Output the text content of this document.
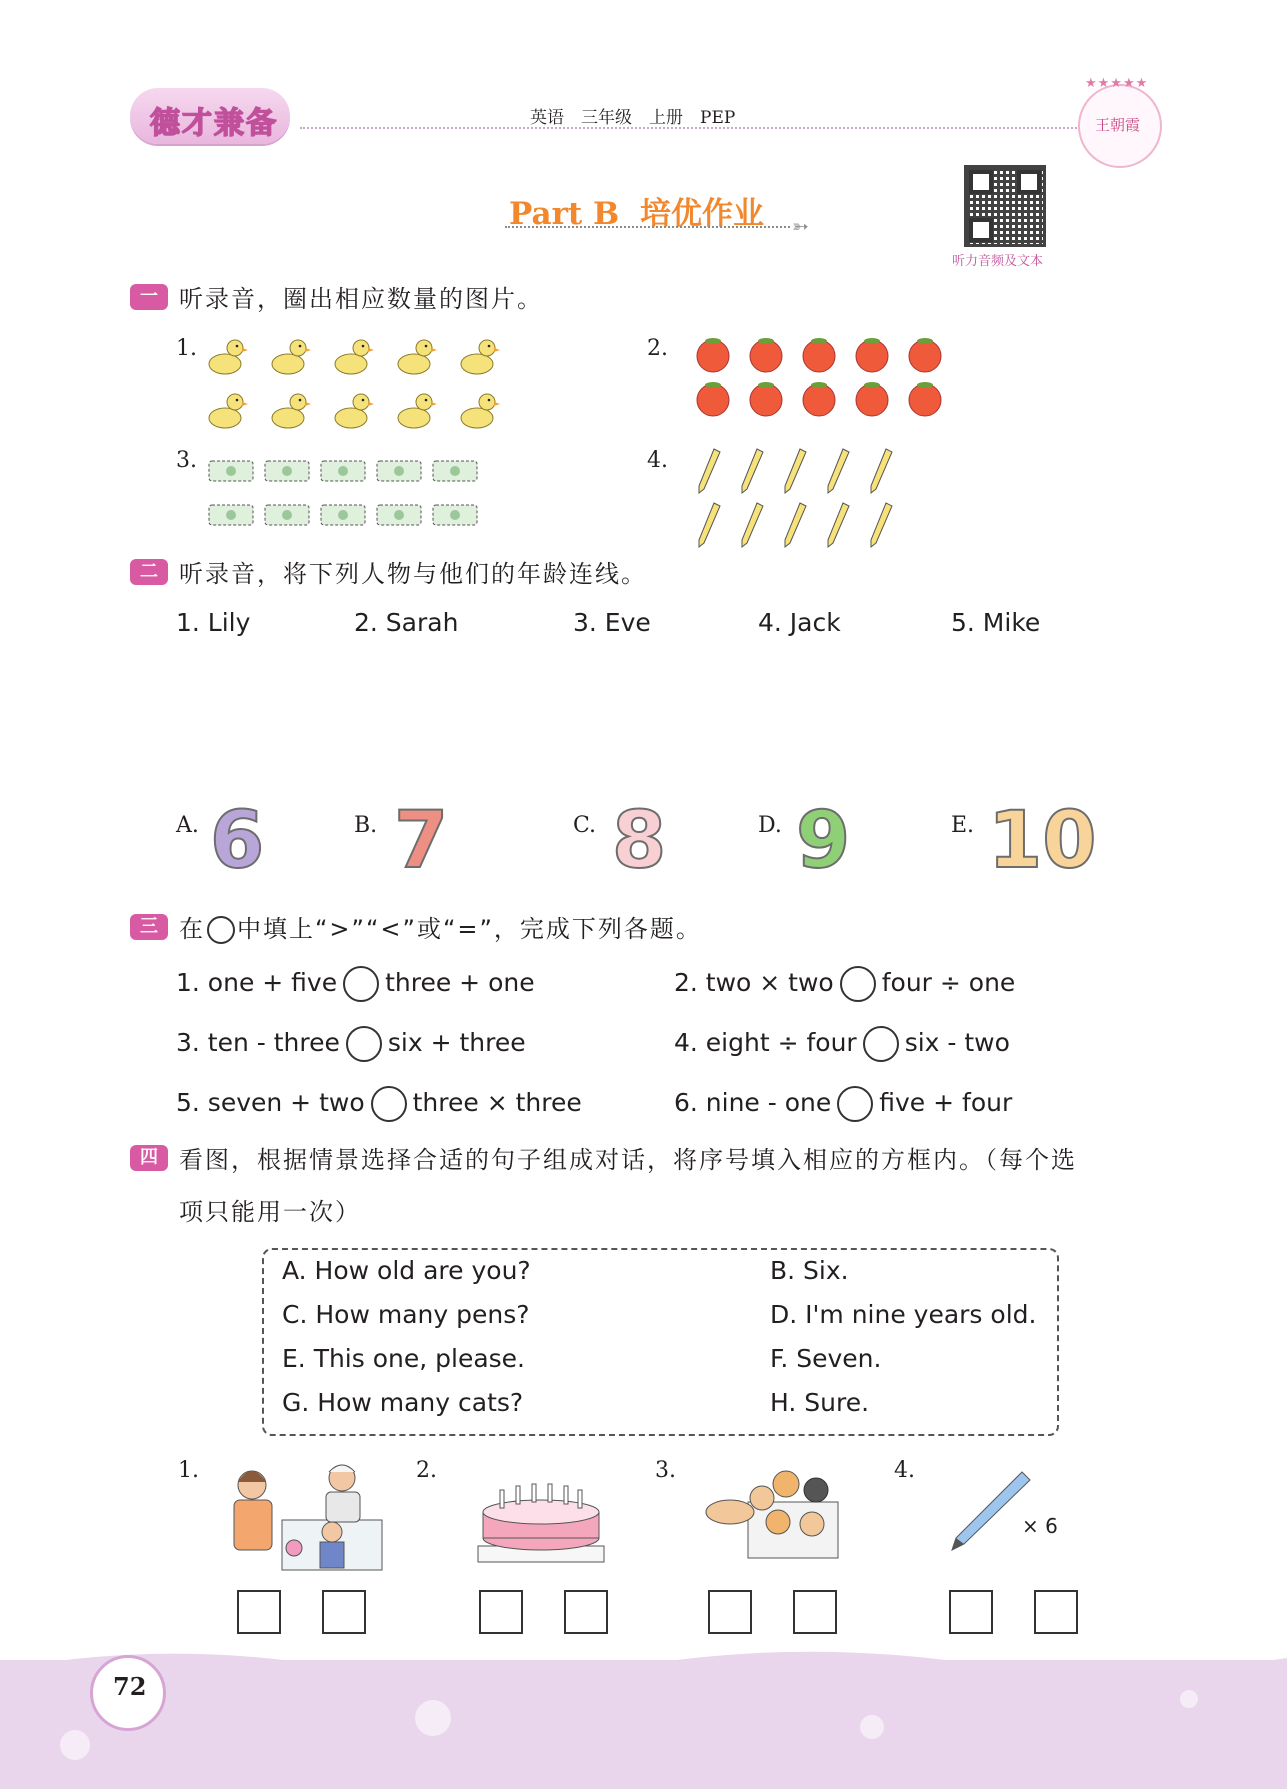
德才兼备	英语　三年级　上册　PEP
★★★★★
王朝霞
Part B 培优作业 ➳
听力音频及文本
一 听录音，圈出相应数量的图片。
1.	2.
3.	4.
二 听录音，将下列人物与他们的年龄连线。
1. Lily	2. Sarah	3. Eve	4. Jack	5. Mike
A. 6	B. 7	C. 8	D. 9	E. 10
三 在 中填上“>”“<”或“=”，完成下列各题。
1. one + five three + one	2. two × two four ÷ one
3. ten - three six + three	4. eight ÷ four six - two
5. seven + two three × three	6. nine - one five + four
四 看图，根据情景选择合适的句子组成对话，将序号填入相应的方框内。（每个选
项只能用一次）
A. How old are you?	B. Six.
C. How many pens?	D. I'm nine years old.
E. This one, please.	F. Seven.
G. How many cats?	H. Sure.
1.	2.	3.	4.
× 6
72
